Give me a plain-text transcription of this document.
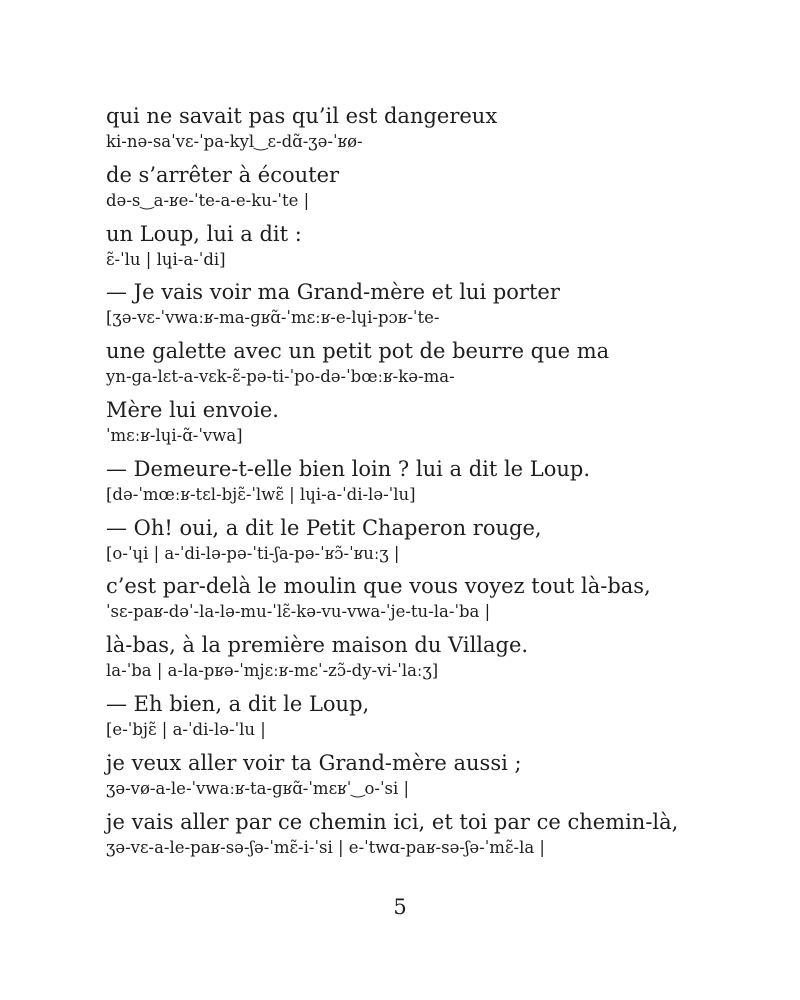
qui ne savait pas qu’il est dangereux
ki-nə-saˈvɛ-ˈpa-kyl‿ɛ-dɑ̃-ʒə-ˈʁø-
de s’arrêter à écouter
də-s‿a-ʁe-ˈte-a-e-ku-ˈte |
un Loup, lui a dit :
ɛ̃-ˈlu | lɥi-a-ˈdi]
— Je vais voir ma Grand-mère et lui porter
[ʒə-vɛ-ˈvwaːʁ-ma-ɡʁɑ̃-ˈmɛːʁ-e-lɥi-pɔʁ-ˈte-
une galette avec un petit pot de beurre que ma
yn-ɡa-lɛt-a-vɛk-ɛ̃-pə-ti-ˈpo-də-ˈbœːʁ-kə-ma-
Mère lui envoie.
ˈmɛːʁ-lɥi-ɑ̃-ˈvwa]
— Demeure-t-elle bien loin ? lui a dit le Loup.
[də-ˈmœːʁ-tɛl-bjɛ̃-ˈlwɛ̃ | lɥi-a-ˈdi-lə-ˈlu]
— Oh! oui, a dit le Petit Chaperon rouge,
[o-ˈɥi | a-ˈdi-lə-pə-ˈti-ʃa-pə-ˈʁɔ̃-ˈʁuːʒ |
c’est par-delà le moulin que vous voyez tout là-bas,
ˈsɛ-paʁ-dəˈ-la-lə-mu-ˈlɛ̃-kə-vu-vwa-ˈje-tu-la-ˈba |
là-bas, à la première maison du Village.
la-ˈba | a-la-pʁə-ˈmjɛːʁ-mɛˈ-zɔ̃-dy-vi-ˈlaːʒ]
— Eh bien, a dit le Loup,
[e-ˈbjɛ̃ | a-ˈdi-lə-ˈlu |
je veux aller voir ta Grand-mère aussi ;
ʒə-vø-a-le-ˈvwaːʁ-ta-ɡʁɑ̃-ˈmɛʁˈ‿o-ˈsi |
je vais aller par ce chemin ici, et toi par ce chemin-là,
ʒə-vɛ-a-le-paʁ-sə-ʃə-ˈmɛ̃-i-ˈsi | e-ˈtwɑ-paʁ-sə-ʃə-ˈmɛ̃-la |
5
